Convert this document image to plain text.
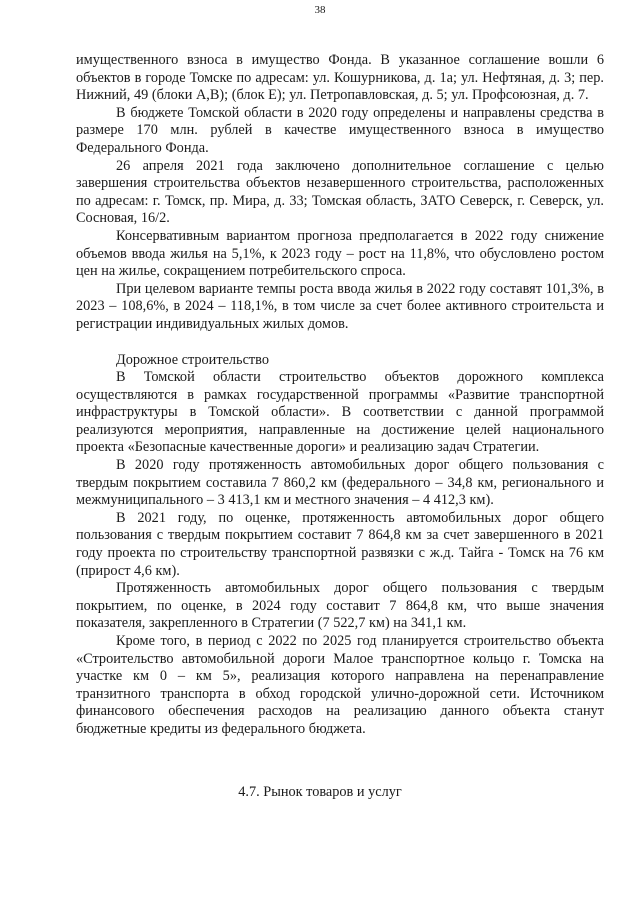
38

имущественного взноса в имущество Фонда. В указанное соглашение вошли 6 объектов в городе Томске по адресам: ул. Кошурникова, д. 1а; ул. Нефтяная, д. 3; пер. Нижний, 49 (блоки А,В); (блок Е); ул. Петропавловская, д. 5; ул. Профсоюзная, д. 7.

В бюджете Томской области в 2020 году определены и направлены средства в размере 170 млн. рублей в качестве имущественного взноса в имущество Федерального Фонда.

26 апреля 2021 года заключено дополнительное соглашение с целью завершения строительства объектов незавершенного строительства, расположенных по адресам: г. Томск, пр. Мира, д. 33; Томская область, ЗАТО Северск, г. Северск, ул. Сосновая, 16/2.

Консервативным вариантом прогноза предполагается в 2022 году снижение объемов ввода жилья на 5,1%, к 2023 году – рост на 11,8%, что обусловлено ростом цен на жилье, сокращением потребительского спроса.

При целевом варианте темпы роста ввода жилья в 2022 году составят 101,3%, в 2023 – 108,6%, в 2024 – 118,1%, в том числе за счет более активного строительста и регистрации индивидуальных жилых домов.

Дорожное строительство

В Томской области строительство объектов дорожного комплекса осуществляются в рамках государственной программы «Развитие транспортной инфраструктуры в Томской области». В соответствии с данной программой реализуются мероприятия, направленные на достижение целей национального проекта «Безопасные качественные дороги» и реализацию задач Стратегии.

В 2020 году протяженность автомобильных дорог общего пользования с твердым покрытием составила 7 860,2 км (федерального – 34,8 км, регионального и межмуниципального – 3 413,1 км и местного значения – 4 412,3 км).

В 2021 году, по оценке, протяженность автомобильных дорог общего пользования с твердым покрытием составит 7 864,8 км за счет завершенного в 2021 году проекта по строительству транспортной развязки с ж.д. Тайга - Томск на 76 км (прирост 4,6 км).

Протяженность автомобильных дорог общего пользования с твердым покрытием, по оценке, в 2024 году составит 7 864,8 км, что выше значения показателя, закрепленного в Стратегии (7 522,7 км) на 341,1 км.

Кроме того, в период с 2022 по 2025 год планируется строительство объекта «Строительство автомобильной дороги Малое транспортное кольцо г. Томска на участке км 0 – км 5», реализация которого направлена на перенаправление транзитного транспорта в обход городской улично-дорожной сети. Источником финансового обеспечения расходов на реализацию данного объекта станут бюджетные кредиты из федерального бюджета.

4.7. Рынок товаров и услуг
